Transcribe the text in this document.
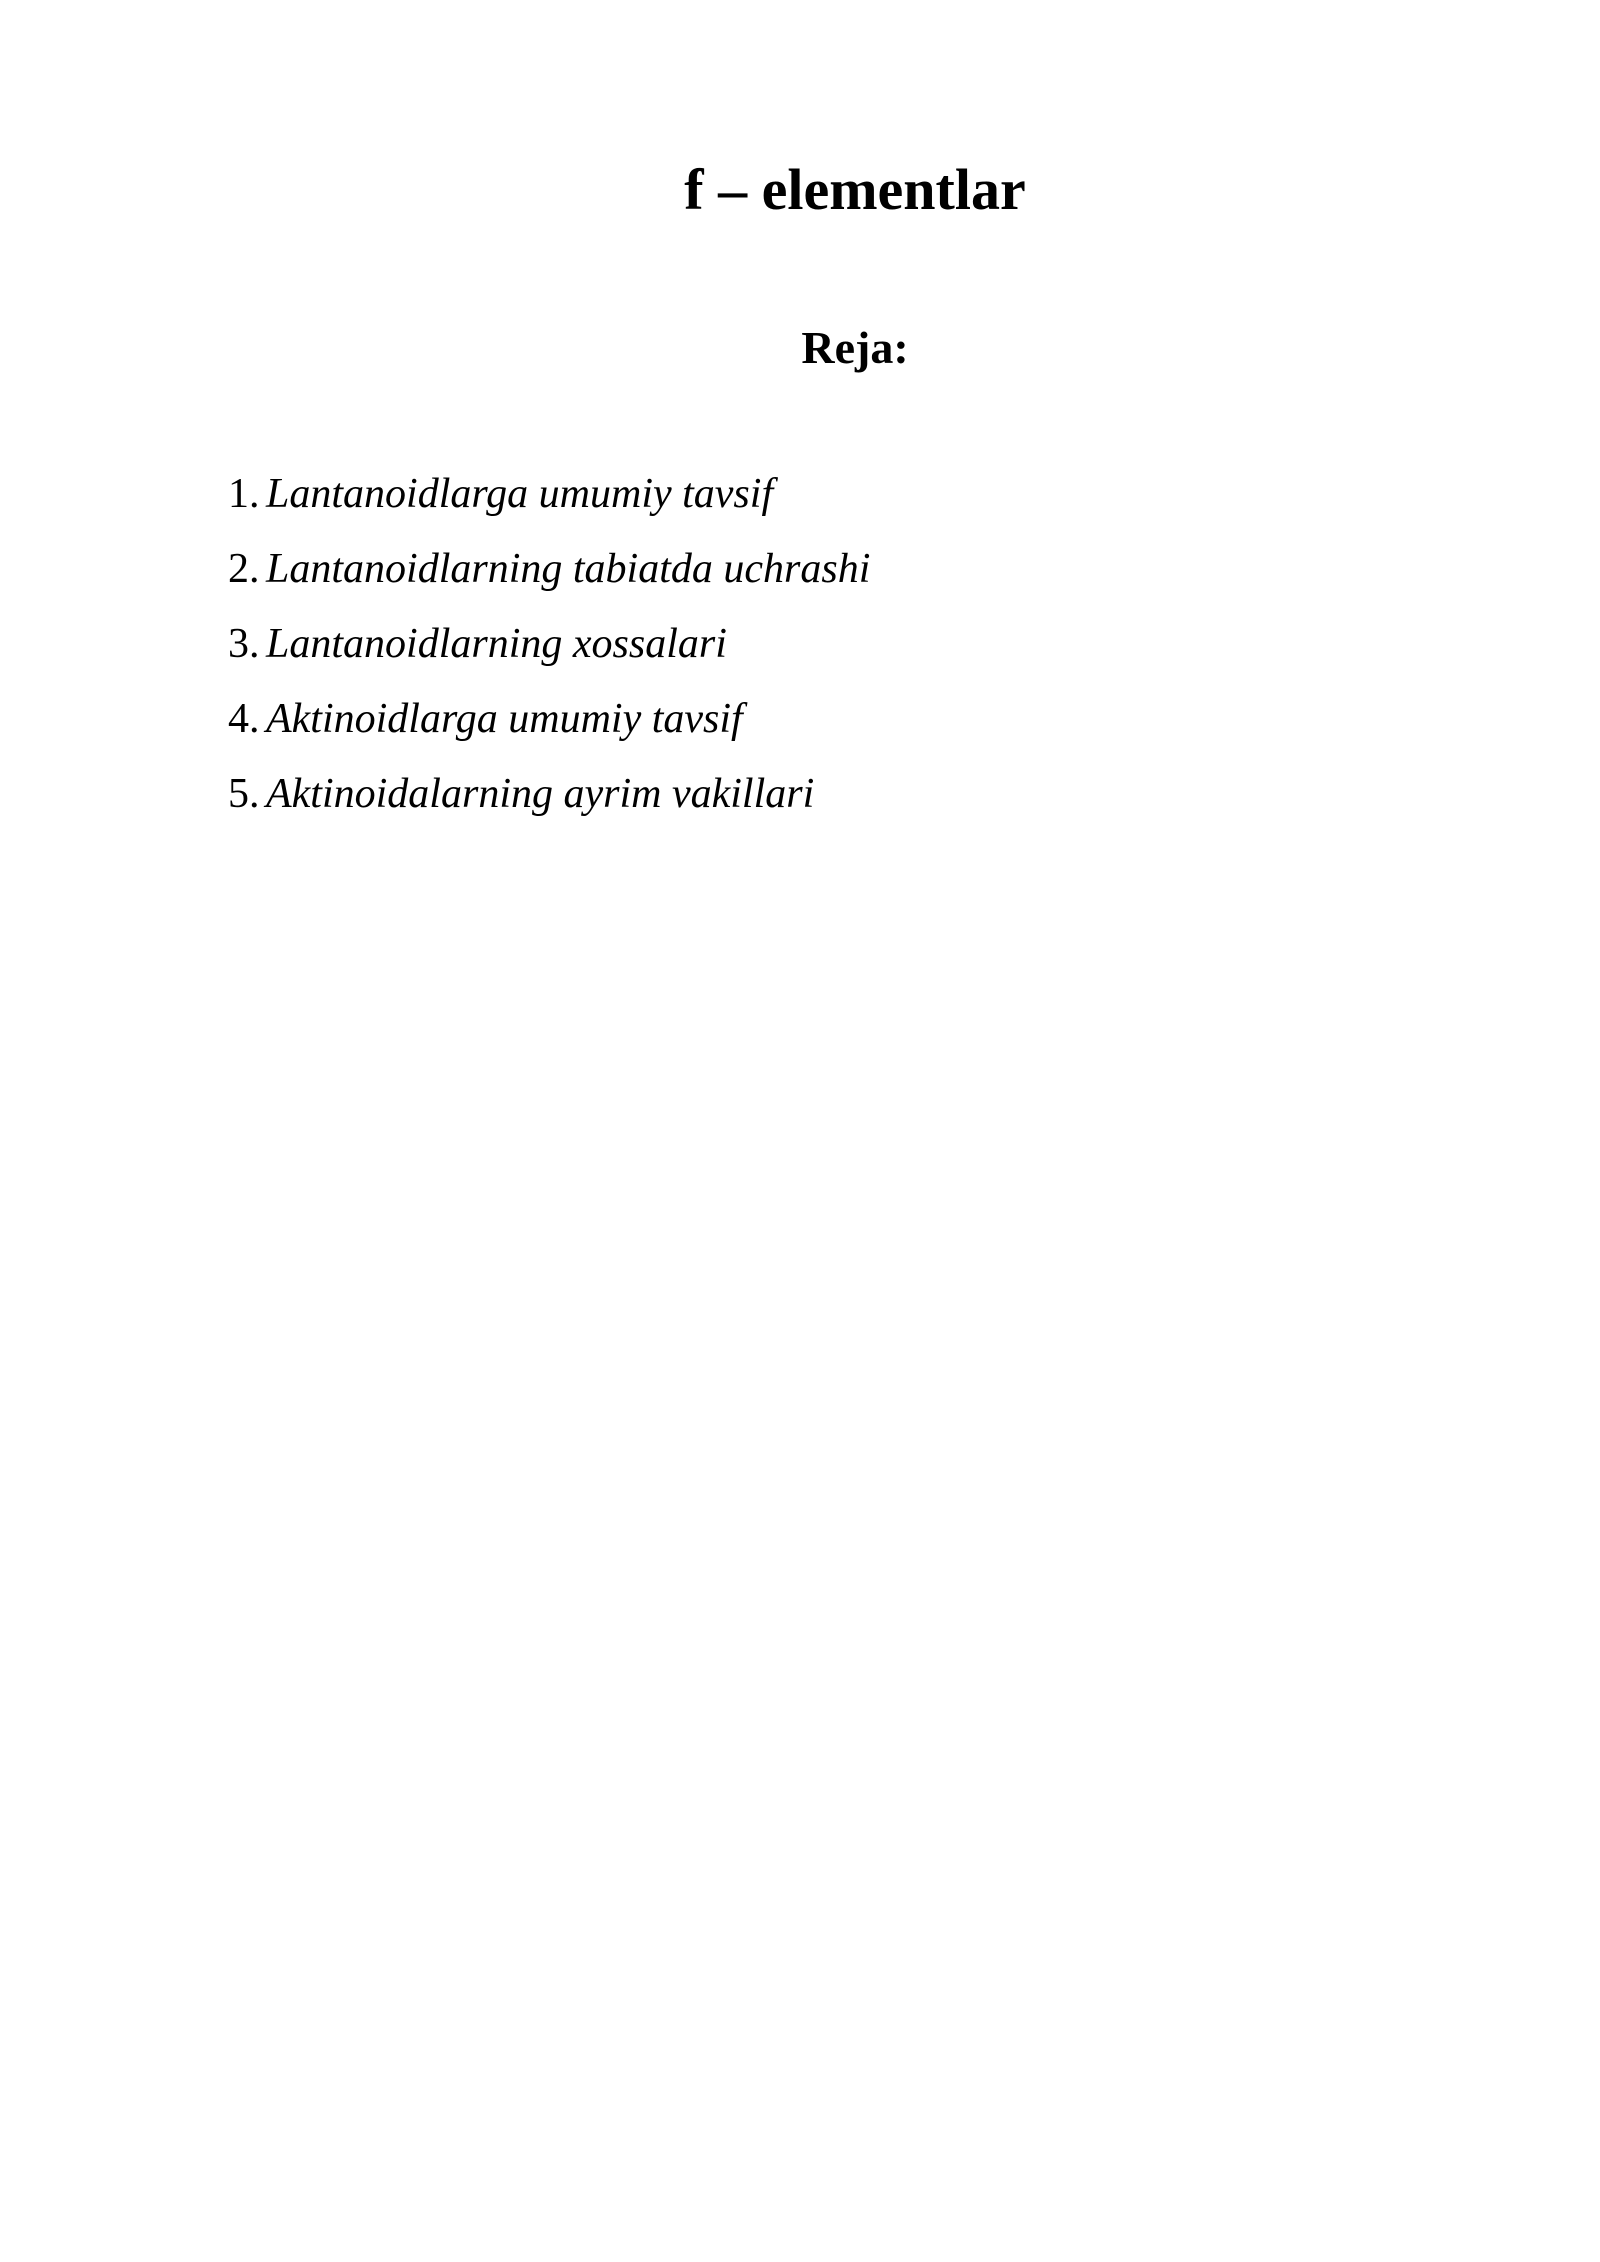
f – elementlar
Reja:
1. Lantanoidlarga umumiy tavsif
2. Lantanoidlarning tabiatda uchrashi
3. Lantanoidlarning xossalari
4. Aktinoidlarga umumiy tavsif
5. Aktinoidalarning ayrim vakillari
